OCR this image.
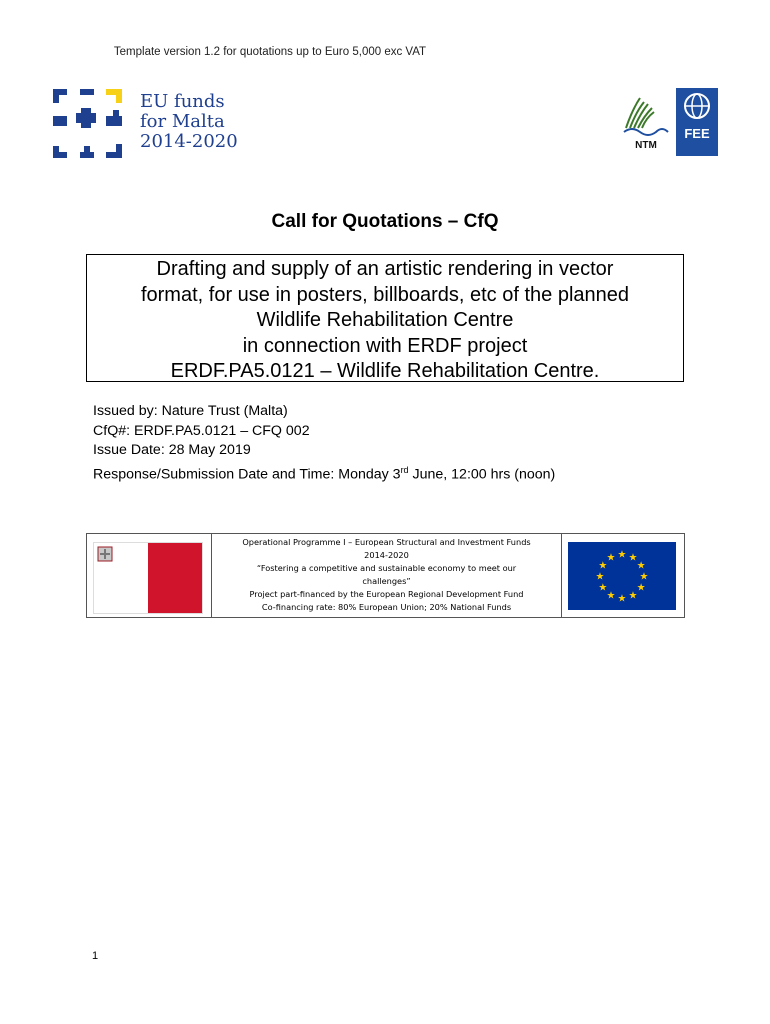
Template version 1.2 for quotations up to Euro 5,000 exc VAT
EU funds
for Malta
2014-2020	NTM
FEE
Call for Quotations – CfQ
Drafting and supply of an artistic rendering in vector
format, for use in posters, billboards, etc of the planned
Wildlife Rehabilitation Centre
in connection with ERDF project
ERDF.PA5.0121 – Wildlife Rehabilitation Centre.
Issued by: Nature Trust (Malta)
CfQ#: ERDF.PA5.0121 – CFQ 002
Issue Date: 28 May 2019
Response/Submission Date and Time: Monday 3rd June, 12:00 hrs (noon)
Operational Programme I – European Structural and Investment Funds
2014-2020
“Fostering a competitive and sustainable economy to meet our
challenges”
Project part-financed by the European Regional Development Fund
Co-financing rate: 80% European Union; 20% National Funds
★ ★
★
★
★
★
★
★
★
★
★
★
1
